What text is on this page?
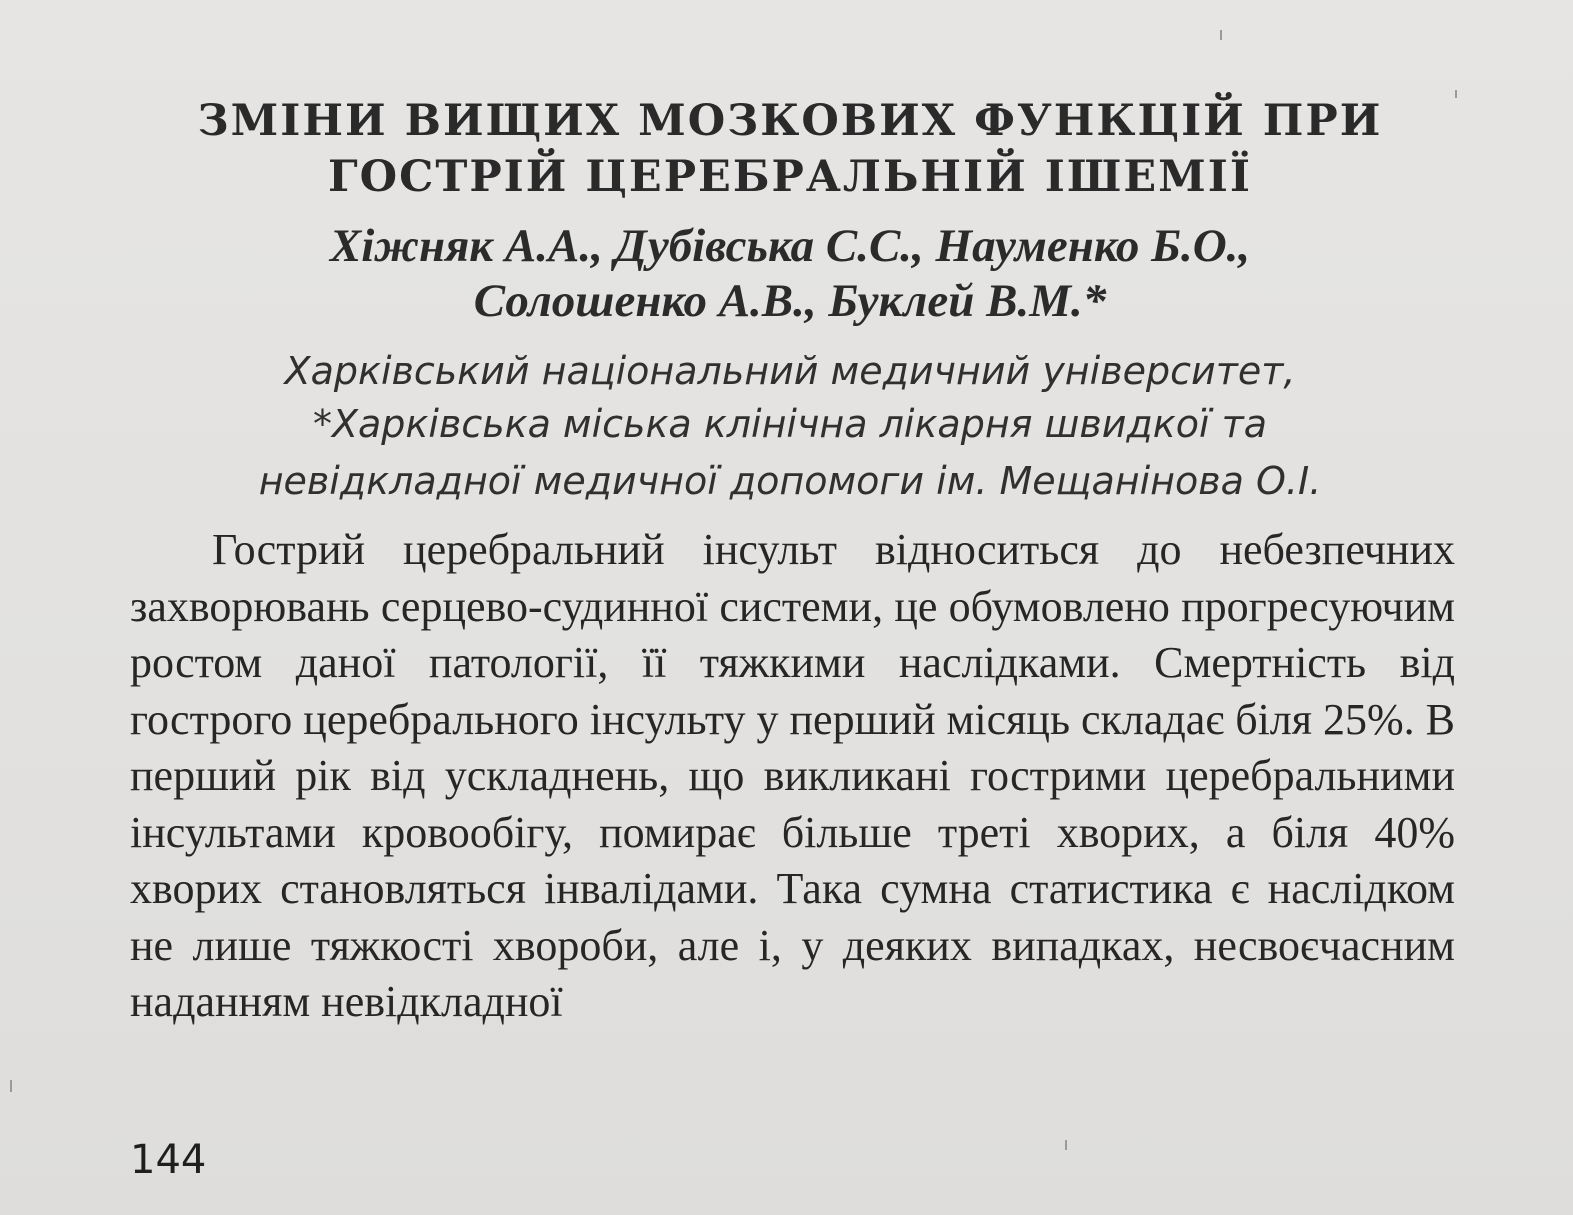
ЗМІНИ ВИЩИХ МОЗКОВИХ ФУНКЦІЙ ПРИ
ГОСТРІЙ ЦЕРЕБРАЛЬНІЙ ІШЕМІЇ
Хіжняк А.А., Дубівська С.С., Науменко Б.О.,
Солошенко А.В., Буклей В.М.*
Харківський національний медичний університет,
*Харківська міська клінічна лікарня швидкої та
невідкладної медичної допомоги ім. Мещанінова О.І.

Гострий церебральний інсульт відноситься до небезпечних захворювань серцево-судинної системи, це обумовлено прогресуючим ростом даної патології, її тяжкими наслідками. Смертність від гострого церебрального інсульту у перший місяць складає біля 25%. В перший рік від ускладнень, що викликані гострими церебральними інсультами кровообігу, помирає більше треті хворих, а біля 40% хворих становляться інвалідами. Така сумна статистика є наслідком не лише тяжкості хвороби, але і, у деяких випадках, несвоєчасним наданням невідкладної

144
